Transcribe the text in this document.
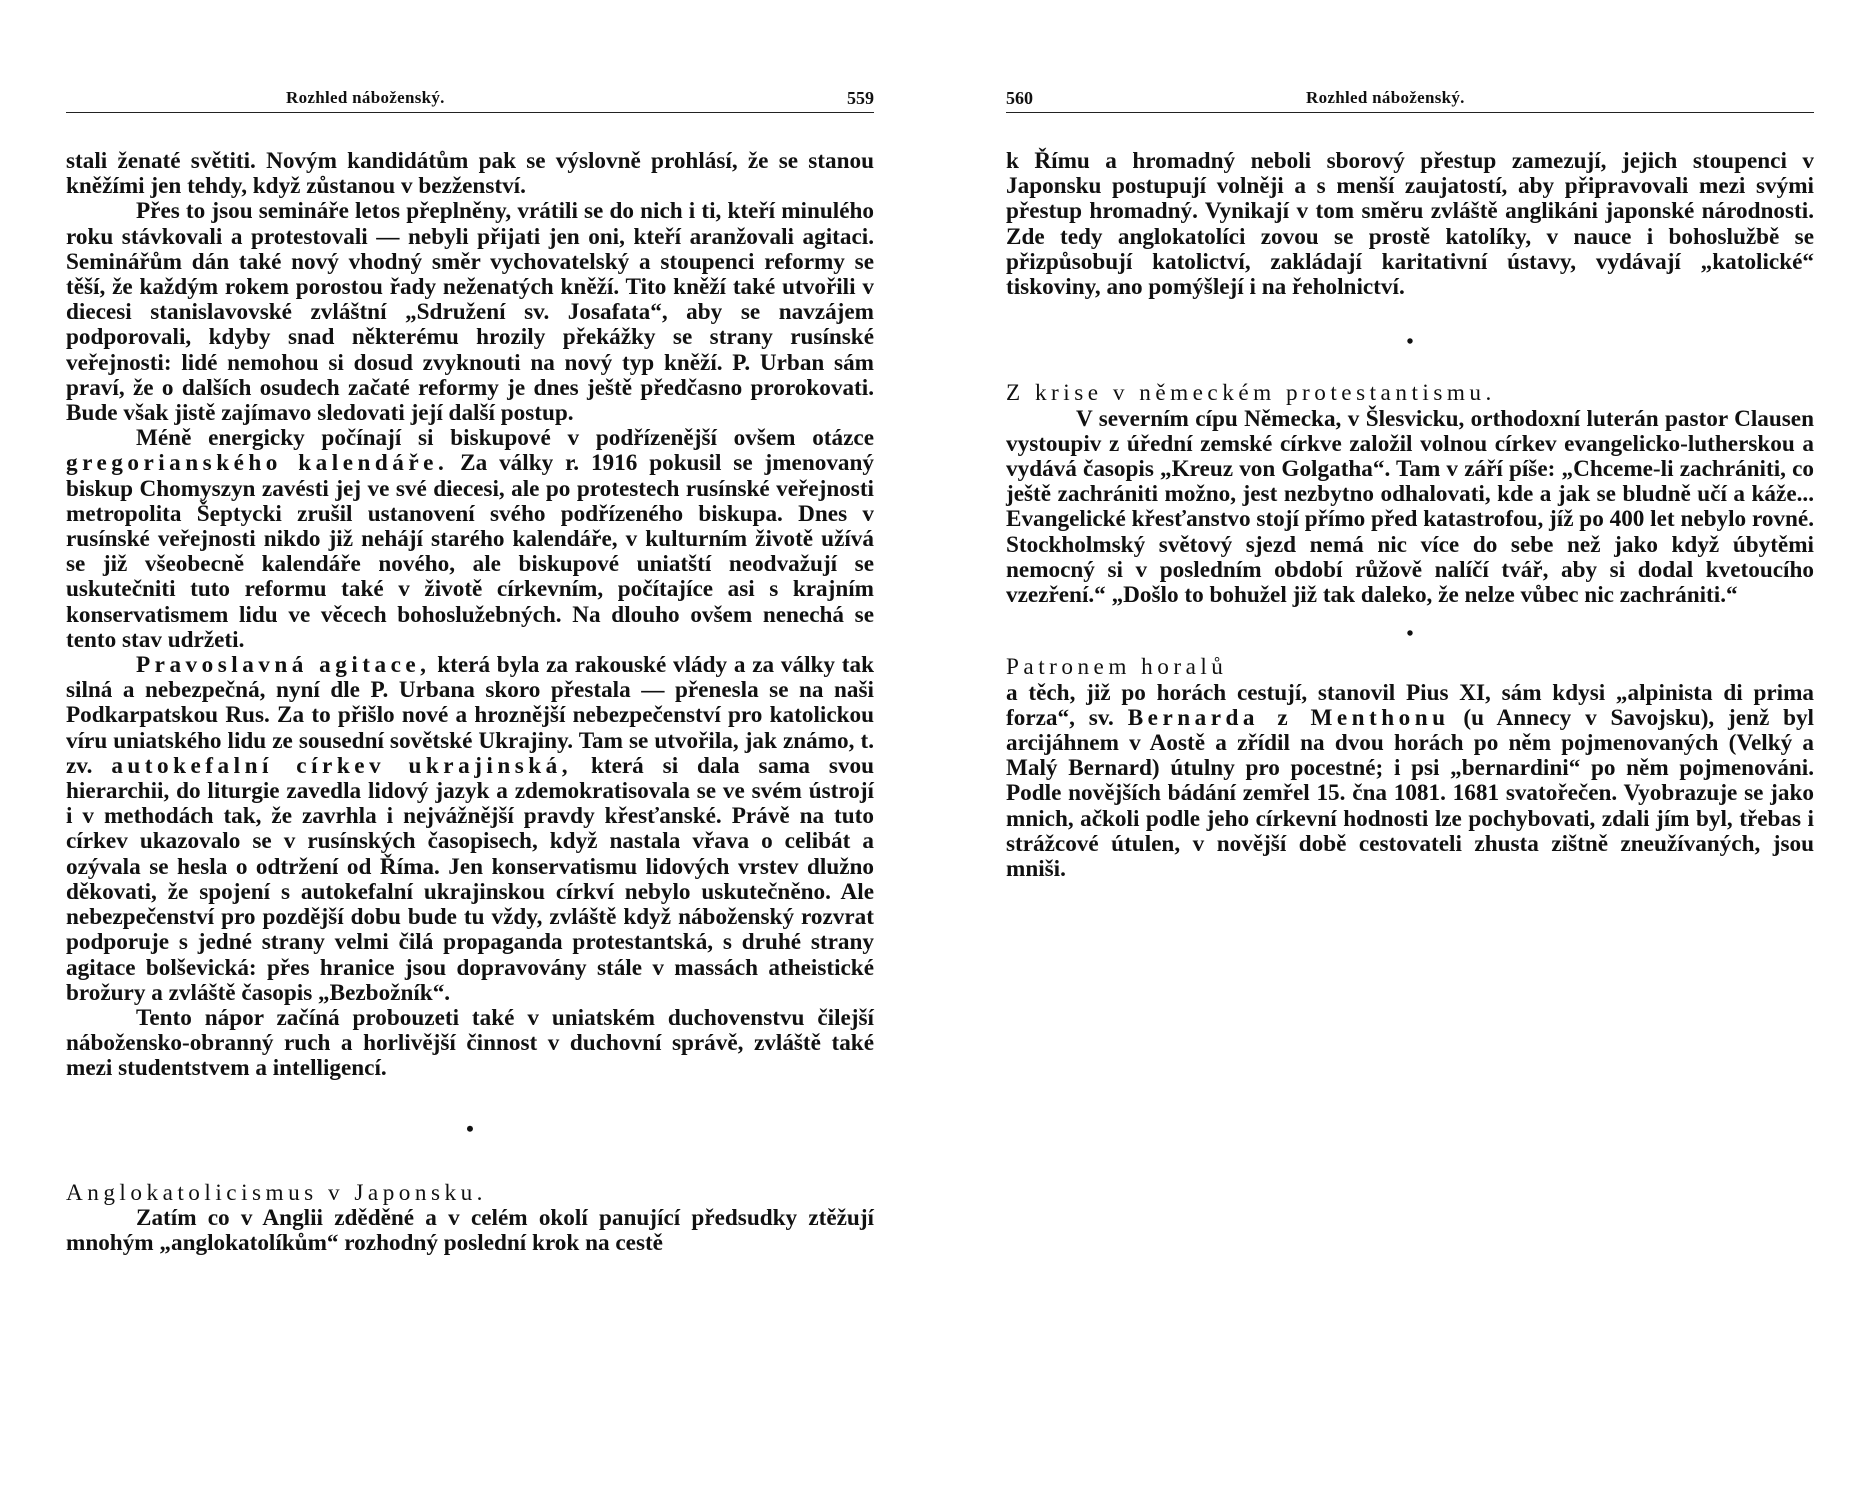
Rozhled náboženský.	559

stali ženaté světiti. Novým kandidátům pak se výslovně prohlásí, že se stanou kněžími jen tehdy, když zůstanou v bezženství.

Přes to jsou semináře letos přeplněny, vrátili se do nich i ti, kteří minulého roku stávkovali a protestovali — nebyli přijati jen oni, kteří aranžovali agitaci. Seminářům dán také nový vhodný směr vychovatelský a stoupenci reformy se těší, že každým rokem porostou řady neženatých kněží. Tito kněží také utvořili v diecesi stanislavovské zvláštní „Sdružení sv. Josafata“, aby se navzájem podporovali, kdyby snad některému hrozily překážky se strany rusínské veřejnosti: lidé nemohou si dosud zvyknouti na nový typ kněží. P. Urban sám praví, že o dalších osudech začaté reformy je dnes ještě předčasno prorokovati. Bude však jistě zajímavo sledovati její další postup.

Méně energicky počínají si biskupové v podřízenější ovšem otázce gregorianského kalendáře. Za války r. 1916 pokusil se jmenovaný biskup Chomyszyn zavésti jej ve své diecesi, ale po protestech rusínské veřejnosti metropolita Šeptycki zrušil ustanovení svého podřízeného biskupa. Dnes v rusínské veřejnosti nikdo již nehájí starého kalendáře, v kulturním životě užívá se již všeobecně kalendáře nového, ale biskupové uniatští neodvažují se uskutečniti tuto reformu také v životě církevním, počítajíce asi s krajním konservatismem lidu ve věcech bohoslužebných. Na dlouho ovšem nenechá se tento stav udržeti.

Pravoslavná agitace, která byla za rakouské vlády a za války tak silná a nebezpečná, nyní dle P. Urbana skoro přestala — přenesla se na naši Podkarpatskou Rus. Za to přišlo nové a hroznější nebezpečenství pro katolickou víru uniatského lidu ze sousední sovětské Ukrajiny. Tam se utvořila, jak známo, t. zv. autokefalní církev ukrajinská, která si dala sama svou hierarchii, do liturgie zavedla lidový jazyk a zdemokratisovala se ve svém ústrojí i v methodách tak, že zavrhla i nejvážnější pravdy křesťanské. Právě na tuto církev ukazovalo se v rusínských časopisech, když nastala vřava o celibát a ozývala se hesla o odtržení od Říma. Jen konservatismu lidových vrstev dlužno děkovati, že spojení s autokefalní ukrajinskou církví nebylo uskutečněno. Ale nebezpečenství pro pozdější dobu bude tu vždy, zvláště když náboženský rozvrat podporuje s jedné strany velmi čilá propaganda protestantská, s druhé strany agitace bolševická: přes hranice jsou dopravovány stále v massách atheistické brožury a zvláště časopis „Bezbožník“.

Tento nápor začíná probouzeti také v uniatském duchovenstvu čilejší nábožensko-obranný ruch a horlivější činnost v duchovní správě, zvláště také mezi studentstvem a intelligencí.

•

Anglokatolicismus v Japonsku.

Zatím co v Anglii zděděné a v celém okolí panující předsudky ztěžují mnohým „anglokatolíkům“ rozhodný poslední krok na cestě

560	Rozhled náboženský.

k Římu a hromadný neboli sborový přestup zamezují, jejich stoupenci v Japonsku postupují volněji a s menší zaujatostí, aby připravovali mezi svými přestup hromadný. Vynikají v tom směru zvláště anglikáni japonské národnosti. Zde tedy anglokatolíci zovou se prostě katolíky, v nauce i bohoslužbě se přizpůsobují katolictví, zakládají karitativní ústavy, vydávají „katolické“ tiskoviny, ano pomýšlejí i na řeholnictví.

•

Z krise v německém protestantismu.

V severním cípu Německa, v Šlesvicku, orthodoxní luterán pastor Clausen vystoupiv z úřední zemské církve založil volnou církev evangelicko-lutherskou a vydává časopis „Kreuz von Golgatha“. Tam v září píše: „Chceme-li zachrániti, co ještě zachrániti možno, jest nezbytno odhalovati, kde a jak se bludně učí a káže... Evangelické křesťanstvo stojí přímo před katastrofou, jíž po 400 let nebylo rovné. Stockholmský světový sjezd nemá nic více do sebe než jako když úbytěmi nemocný si v posledním období růžově nalíčí tvář, aby si dodal kvetoucího vzezření.“ „Došlo to bohužel již tak daleko, že nelze vůbec nic zachrániti.“

•

Patronem horalů

a těch, již po horách cestují, stanovil Pius XI, sám kdysi „alpinista di prima forza“, sv. Bernarda z Menthonu (u Annecy v Savojsku), jenž byl arcijáhnem v Aostě a zřídil na dvou horách po něm pojmenovaných (Velký a Malý Bernard) útulny pro pocestné; i psi „bernardini“ po něm pojmenováni. Podle novějších bádání zemřel 15. čna 1081. 1681 svatořečen. Vyobrazuje se jako mnich, ačkoli podle jeho církevní hodnosti lze pochybovati, zdali jím byl, třebas i strážcové útulen, v novější době cestovateli zhusta zištně zneužívaných, jsou mniši.
